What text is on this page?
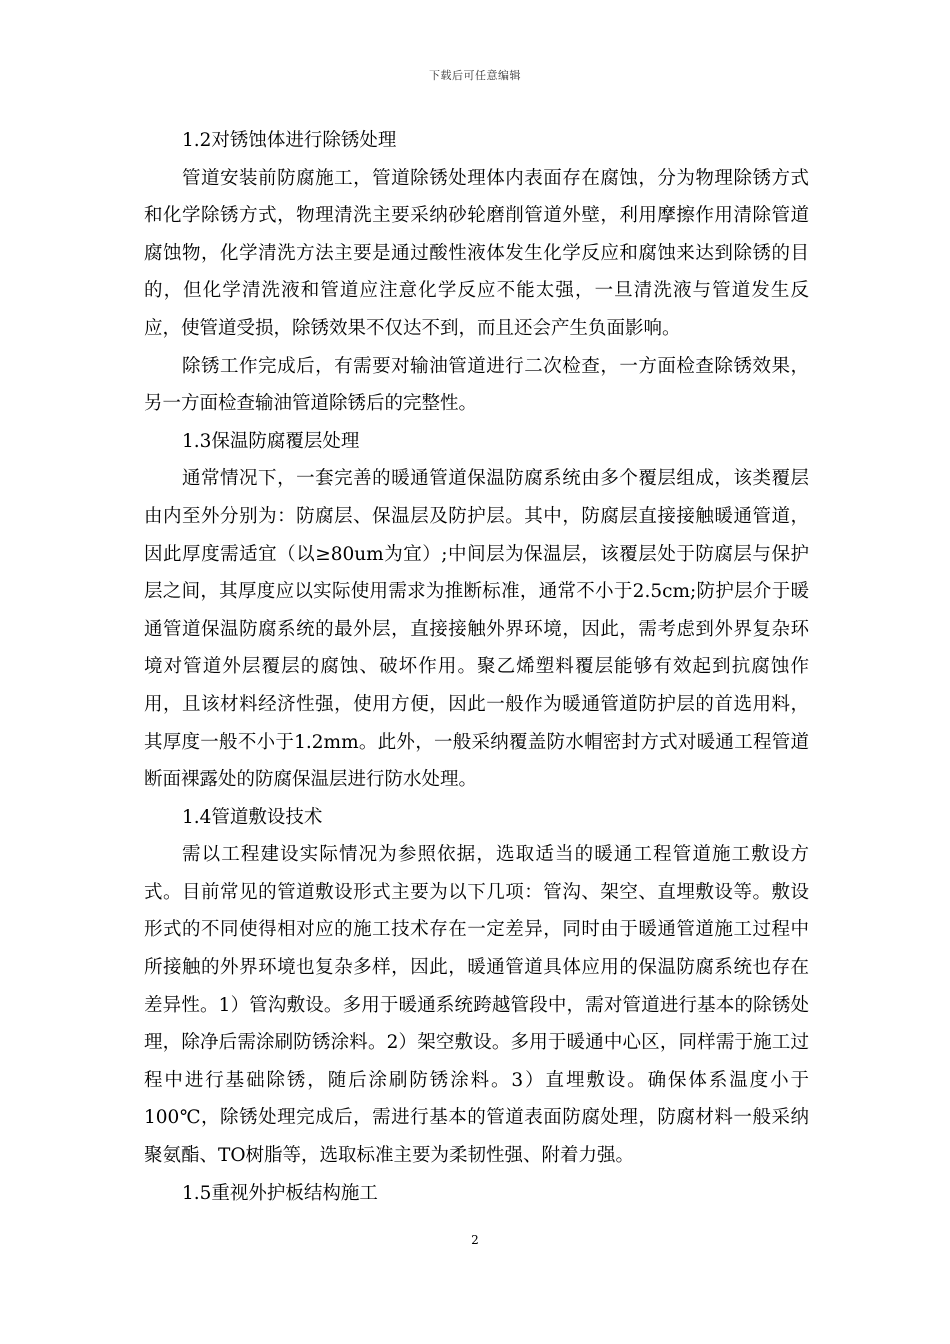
下载后可任意编辑

1.2对锈蚀体进行除锈处理

管道安装前防腐施工，管道除锈处理体内表面存在腐蚀，分为物理除锈方式和化学除锈方式，物理清洗主要采纳砂轮磨削管道外壁，利用摩擦作用清除管道腐蚀物，化学清洗方法主要是通过酸性液体发生化学反应和腐蚀来达到除锈的目的，但化学清洗液和管道应注意化学反应不能太强，一旦清洗液与管道发生反应，使管道受损，除锈效果不仅达不到，而且还会产生负面影响。

除锈工作完成后，有需要对输油管道进行二次检查，一方面检查除锈效果，另一方面检查输油管道除锈后的完整性。

1.3保温防腐覆层处理

通常情况下，一套完善的暖通管道保温防腐系统由多个覆层组成，该类覆层由内至外分别为：防腐层、保温层及防护层。其中，防腐层直接接触暖通管道，因此厚度需适宜（以≥80um为宜）;中间层为保温层，该覆层处于防腐层与保护层之间，其厚度应以实际使用需求为推断标准，通常不小于2.5cm;防护层介于暖通管道保温防腐系统的最外层，直接接触外界环境，因此，需考虑到外界复杂环境对管道外层覆层的腐蚀、破坏作用。聚乙烯塑料覆层能够有效起到抗腐蚀作用，且该材料经济性强，使用方便，因此一般作为暖通管道防护层的首选用料，其厚度一般不小于1.2mm。此外，一般采纳覆盖防水帽密封方式对暖通工程管道断面裸露处的防腐保温层进行防水处理。

1.4管道敷设技术

需以工程建设实际情况为参照依据，选取适当的暖通工程管道施工敷设方式。目前常见的管道敷设形式主要为以下几项：管沟、架空、直埋敷设等。敷设形式的不同使得相对应的施工技术存在一定差异，同时由于暖通管道施工过程中所接触的外界环境也复杂多样，因此，暖通管道具体应用的保温防腐系统也存在差异性。1）管沟敷设。多用于暖通系统跨越管段中，需对管道进行基本的除锈处理，除净后需涂刷防锈涂料。2）架空敷设。多用于暖通中心区，同样需于施工过程中进行基础除锈，随后涂刷防锈涂料。3）直埋敷设。确保体系温度小于100℃，除锈处理完成后，需进行基本的管道表面防腐处理，防腐材料一般采纳聚氨酯、TO树脂等，选取标准主要为柔韧性强、附着力强。

1.5重视外护板结构施工

2
